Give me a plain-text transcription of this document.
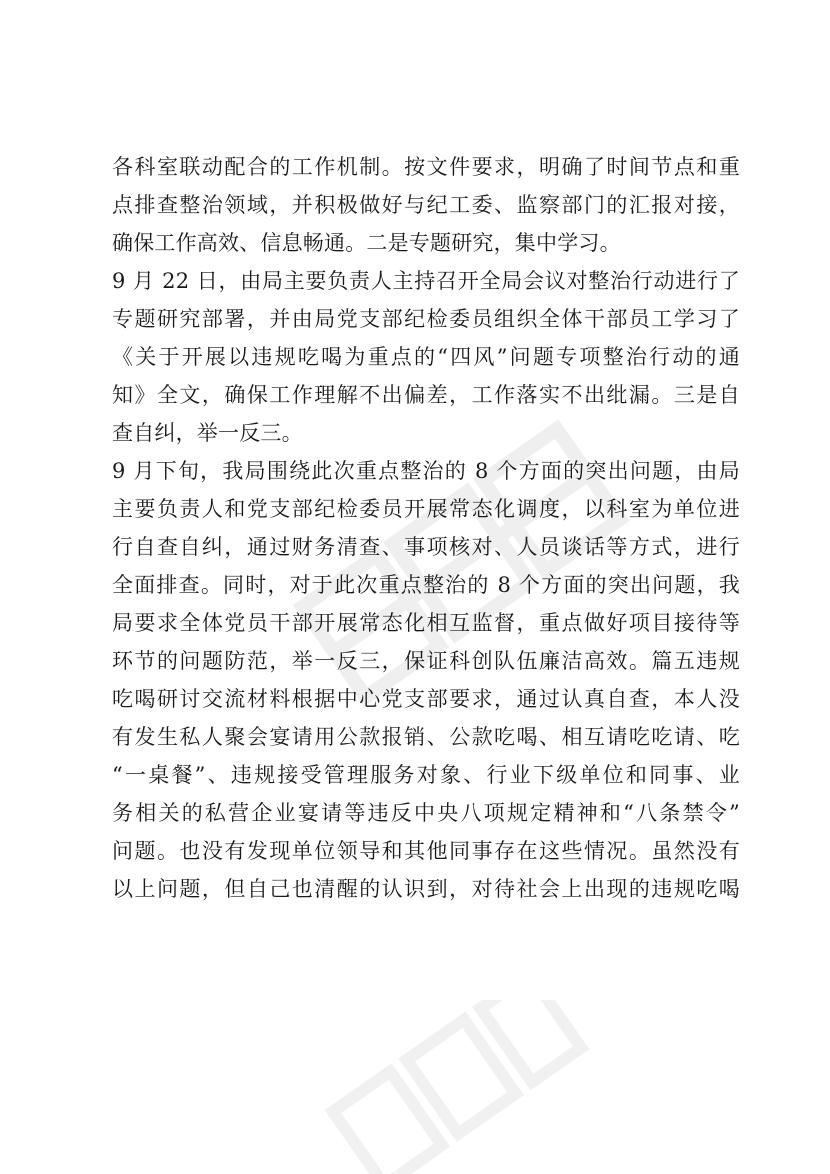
各科室联动配合的工作机制。按文件要求，明确了时间节点和重
点排查整治领域，并积极做好与纪工委、监察部门的汇报对接，
确保工作高效、信息畅通。二是专题研究，集中学习。
9 月 22 日，由局主要负责人主持召开全局会议对整治行动进行了
专题研究部署，并由局党支部纪检委员组织全体干部员工学习了
《关于开展以违规吃喝为重点的“四风”问题专项整治行动的通
知》全文，确保工作理解不出偏差，工作落实不出纰漏。三是自
查自纠，举一反三。
9 月下旬，我局围绕此次重点整治的 8 个方面的突出问题，由局
主要负责人和党支部纪检委员开展常态化调度，以科室为单位进
行自查自纠，通过财务清查、事项核对、人员谈话等方式，进行
全面排查。同时，对于此次重点整治的 8 个方面的突出问题，我
局要求全体党员干部开展常态化相互监督，重点做好项目接待等
环节的问题防范，举一反三，保证科创队伍廉洁高效。篇五违规
吃喝研讨交流材料根据中心党支部要求，通过认真自查，本人没
有发生私人聚会宴请用公款报销、公款吃喝、相互请吃吃请、吃
“一桌餐”、违规接受管理服务对象、行业下级单位和同事、业
务相关的私营企业宴请等违反中央八项规定精神和“八条禁令”
问题。也没有发现单位领导和其他同事存在这些情况。虽然没有
以上问题，但自己也清醒的认识到，对待社会上出现的违规吃喝
